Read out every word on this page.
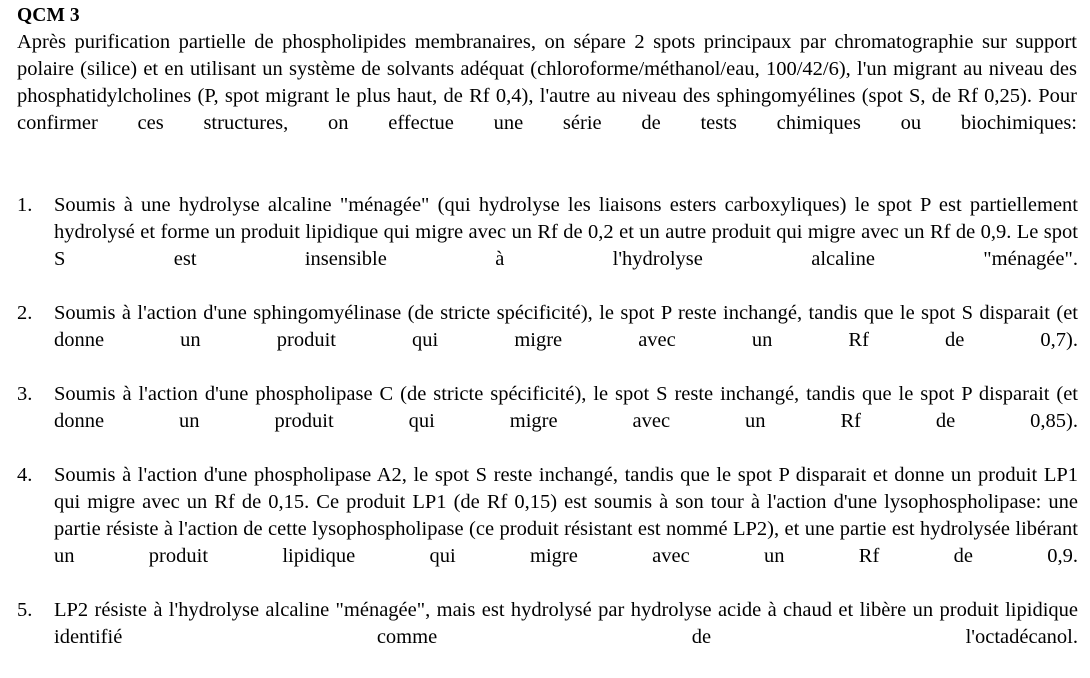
QCM 3

Après purification partielle de phospholipides membranaires, on sépare 2 spots principaux par chromatographie sur support polaire (silice) et en utilisant un système de solvants adéquat (chloroforme/méthanol/eau, 100/42/6), l'un migrant au niveau des phosphatidylcholines (P, spot migrant le plus haut, de Rf 0,4), l'autre au niveau des sphingomyélines (spot S, de Rf 0,25). Pour confirmer ces structures, on effectue une série de tests chimiques ou biochimiques:

1.	Soumis à une hydrolyse alcaline "ménagée" (qui hydrolyse les liaisons esters carboxyliques) le spot P est partiellement hydrolysé et forme un produit lipidique qui migre avec un Rf de 0,2 et un autre produit qui migre avec un Rf de 0,9. Le spot S est insensible à l'hydrolyse alcaline "ménagée".
2.	Soumis à l'action d'une sphingomyélinase (de stricte spécificité), le spot P reste inchangé, tandis que le spot S disparait (et donne un produit qui migre avec un Rf de 0,7).
3.	Soumis à l'action d'une phospholipase C (de stricte spécificité), le spot S reste inchangé, tandis que le spot P disparait (et donne un produit qui migre avec un Rf de 0,85).
4.	Soumis à l'action d'une phospholipase A2, le spot S reste inchangé, tandis que le spot P disparait et donne un produit LP1 qui migre avec un Rf de 0,15. Ce produit LP1 (de Rf 0,15) est soumis à son tour à l'action d'une lysophospholipase: une partie résiste à l'action de cette lysophospholipase (ce produit résistant est nommé LP2), et une partie est hydrolysée libérant un produit lipidique qui migre avec un Rf de 0,9.
5.	LP2 résiste à l'hydrolyse alcaline "ménagée", mais est hydrolysé par hydrolyse acide à chaud et libère un produit lipidique identifié comme de l'octadécanol.
